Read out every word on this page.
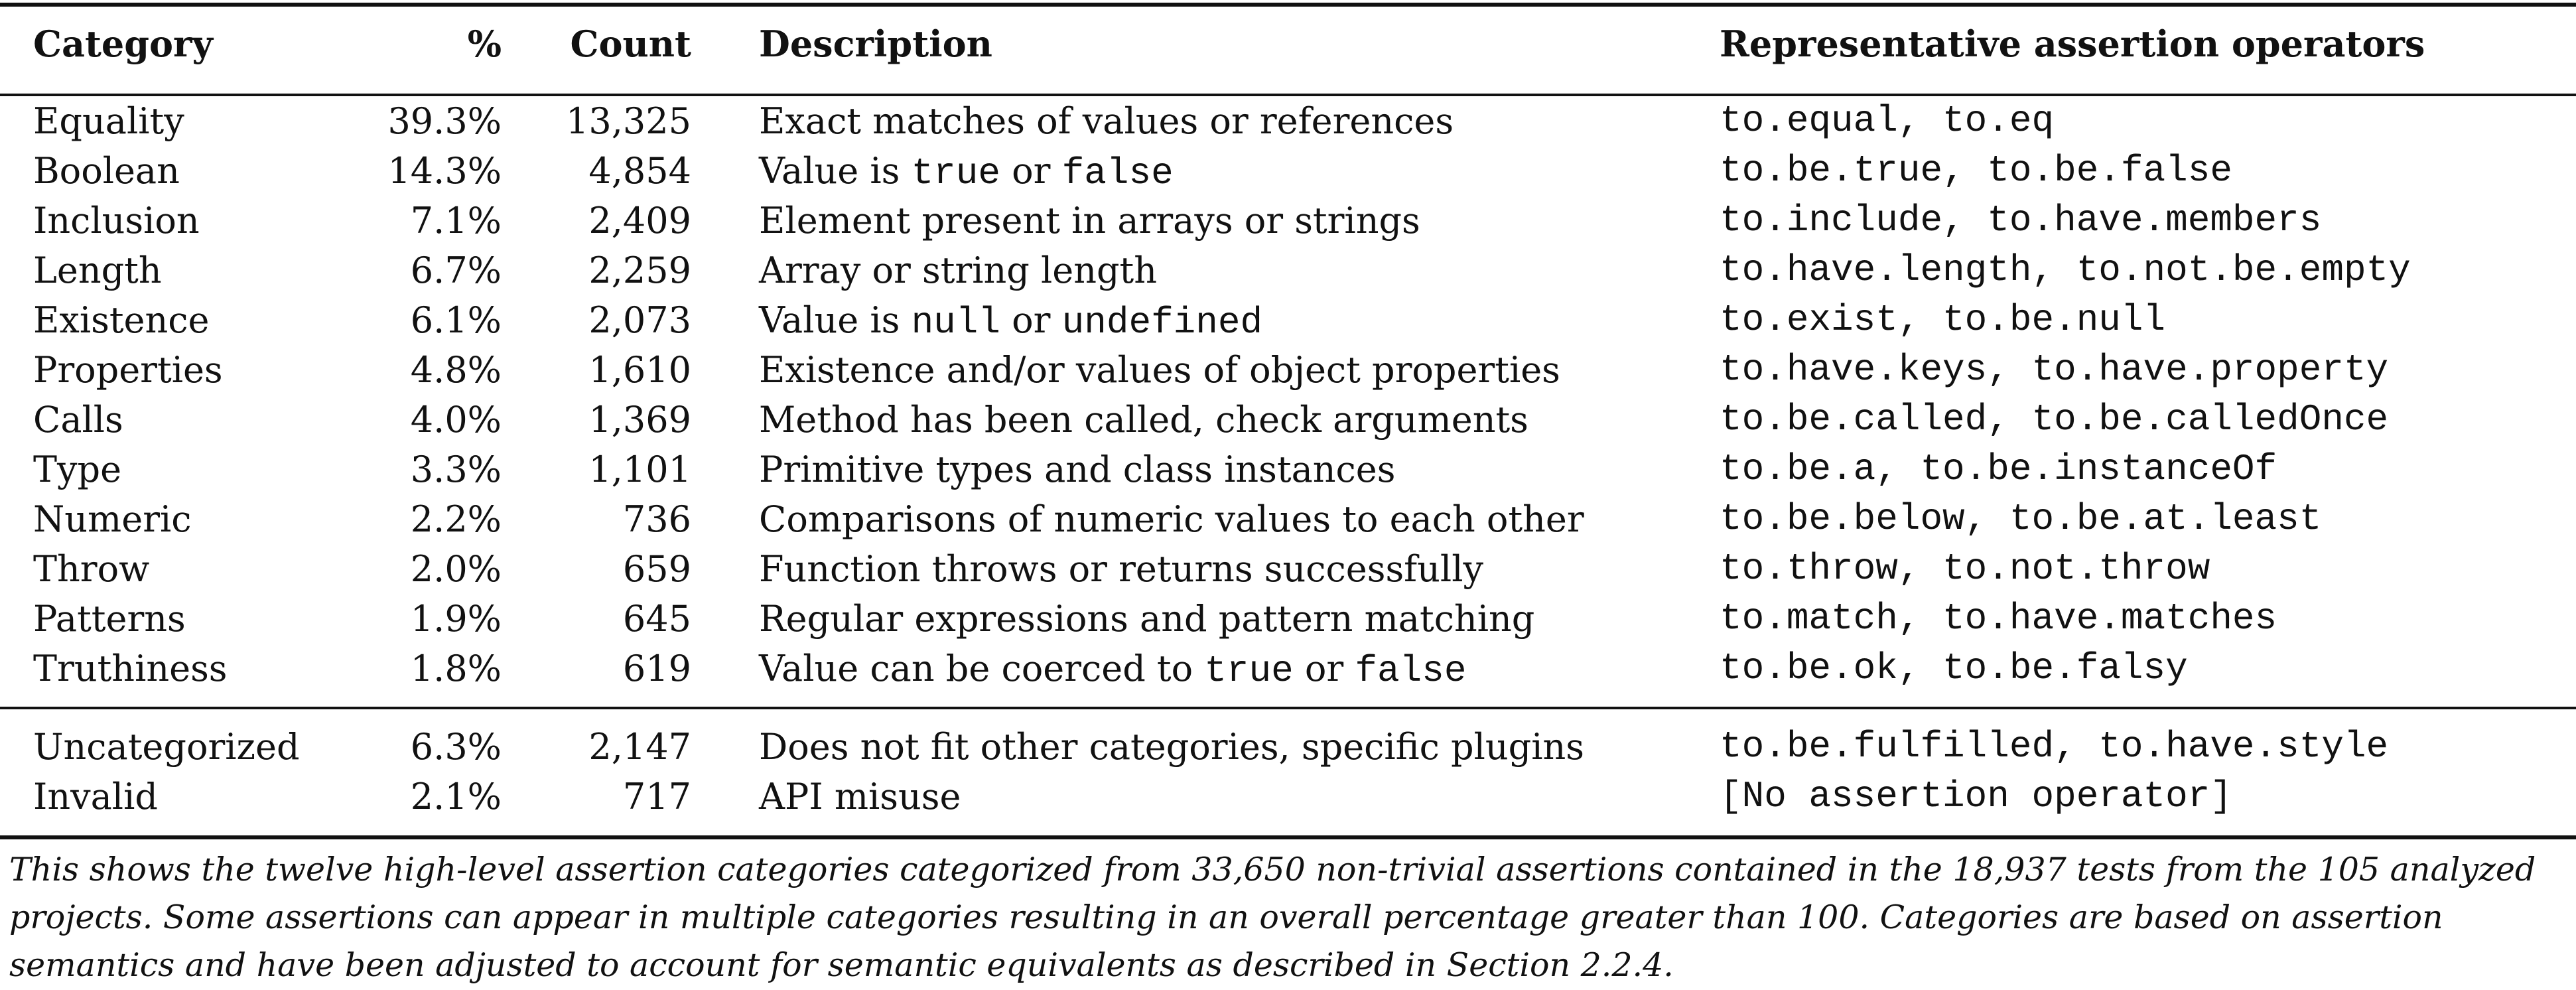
Category	%	Count Description	Representative assertion operators
Equality	39.3%	13,325 Exact matches of values or references	to.equal, to.eq
Boolean	14.3%	4,854 Value is true or false	to.be.true, to.be.false
Inclusion	7.1%	2,409 Element present in arrays or strings	to.include, to.have.members
Length	6.7%	2,259 Array or string length	to.have.length, to.not.be.empty
Existence	6.1%	2,073 Value is null or undefined	to.exist, to.be.null
Properties	4.8%	1,610 Existence and/or values of object properties	to.have.keys, to.have.property
Calls	4.0%	1,369 Method has been called, check arguments	to.be.called, to.be.calledOnce
Type	3.3%	1,101 Primitive types and class instances	to.be.a, to.be.instanceOf
Numeric	2.2%	736 Comparisons of numeric values to each other	to.be.below, to.be.at.least
Throw	2.0%	659 Function throws or returns successfully	to.throw, to.not.throw
Patterns	1.9%	645 Regular expressions and pattern matching	to.match, to.have.matches
Truthiness	1.8%	619 Value can be coerced to true or false	to.be.ok, to.be.falsy
Uncategorized	6.3%	2,147 Does not fit other categories, specific plugins	to.be.fulfilled, to.have.style
Invalid	2.1%	717 API misuse	[No assertion operator]
This shows the twelve high-level assertion categories categorized from 33,650 non-trivial assertions contained in the 18,937 tests from the 105 analyzed projects. Some assertions can appear in multiple categories resulting in an overall percentage greater than 100. Categories are based on assertion semantics and have been adjusted to account for semantic equivalents as described in Section 2.2.4.
